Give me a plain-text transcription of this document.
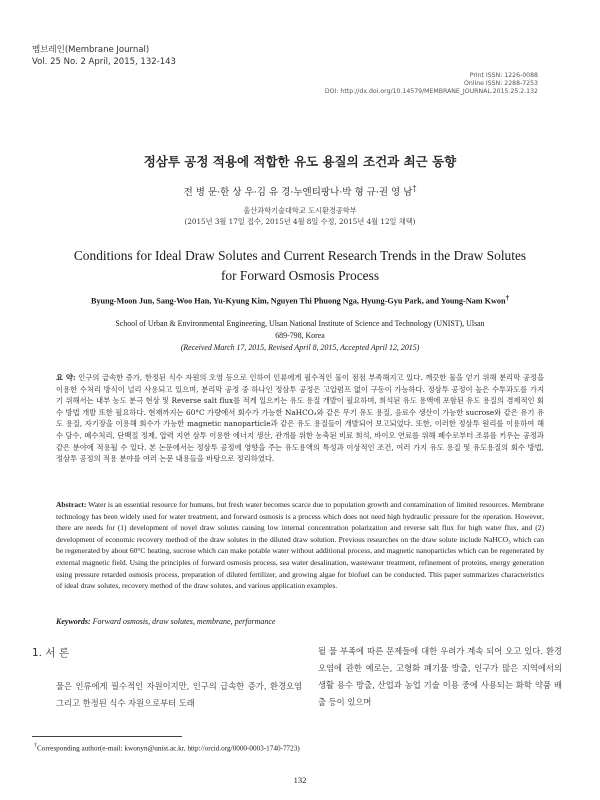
멤브레인(Membrane Journal)
Vol. 25 No. 2 April, 2015, 132-143
Print ISSN: 1226-0088
Online ISSN: 2288-7253
DOI: http://dx.doi.org/10.14579/MEMBRANE_JOURNAL.2015.25.2.132
정삼투 공정 적용에 적합한 유도 용질의 조건과 최근 동향
전 병 문·한 상 우·김 유 경·누엔티팡나·박 형 규·권 영 남†
울산과학기술대학교 도시환경공학부
(2015년 3월 17일 접수, 2015년 4월 8일 수정, 2015년 4월 12일 채택)
Conditions for Ideal Draw Solutes and Current Research Trends in the Draw Solutes
for Forward Osmosis Process
Byung-Moon Jun, Sang-Woo Han, Yu-Kyung Kim, Nguyen Thi Phuong Nga, Hyung-Gyu Park, and Young-Nam Kwon†
School of Urban & Environmental Engineering, Ulsan National Institute of Science and Technology (UNIST), Ulsan
689-798, Korea
(Received March 17, 2015, Revised April 8, 2015, Accepted April 12, 2015)
요 약: 인구의 급속한 증가, 한정된 식수 자원의 오염 등으로 인하여 인류에게 필수적인 물이 점점 부족해지고 있다. 깨끗한 물을 얻기 위해 분리막 공정을 이용한 수처리 방식이 널리 사용되고 있으며, 분리막 공정 중 하나인 정삼투 공정은 고압펌프 없이 구동이 가능하다. 정삼투 공정이 높은 수투과도를 가지기 위해서는 내부 농도 분극 현상 및 Reverse salt flux를 적게 일으키는 유도 용질 개발이 필요하며, 희석된 유도 용액에 포함된 유도 용질의 경제적인 회수 방법 개발 또한 필요하다. 현재까지는 60°C 가량에서 회수가 가능한 NaHCO₃와 같은 무기 유도 용질, 음료수 생산이 가능한 sucrose와 같은 유기 유도 용질, 자기장을 이용해 회수가 가능한 magnetic nanoparticle과 같은 유도 용질들이 개발되어 보고되었다. 또한, 이러한 정삼투 원리를 이용하여 해수 담수, 폐수처리, 단백질 정제, 압력 지연 삼투 이용한 에너지 생산, 관개를 위한 농축된 비료 희석, 바이오 연료를 위해 폐수로부터 조류를 키우는 공정과 같은 분야에 적용될 수 있다. 본 논문에서는 정삼투 공정에 영향을 주는 유도용액의 특성과 이상적인 조건, 여러 가지 유도 용질 및 유도용질의 회수 방법, 정삼투 공정의 적용 분야를 여러 논문 내용들을 바탕으로 정리하였다.
Abstract: Water is an essential resource for humans, but fresh water becomes scarce due to population growth and contamination of limited resources. Membrane technology has been widely used for water treatment, and forward osmosis is a process which does not need high hydraulic pressure for the operation. However, there are needs for (1) development of novel draw solutes causing low internal concentration polarization and reverse salt flux for high water flux, and (2) development of economic recovery method of the draw solutes in the diluted draw solution. Previous researches on the draw solute include NaHCO₃ which can be regenerated by about 60°C heating, sucrose which can make potable water without additional process, and magnetic nanoparticles which can be regenerated by external magnetic field. Using the principles of forward osmosis process, sea water desalination, wastewater treatment, refinement of proteins, energy generation using pressure retarded osmosis process, preparation of diluted fertilizer, and growing algae for biofuel can be conducted. This paper summarizes characteristics of ideal draw solutes, recovery method of the draw solutes, and various application examples.
Keywords: Forward osmosis, draw solutes, membrane, performance
1. 서 론
물은 인류에게 필수적인 자원이지만, 인구의 급속한 증가, 환경오염 그리고 한정된 식수 자원으로부터 도래
될 물 부족에 따른 문제들에 대한 우려가 계속 되어 오고 있다. 환경오염에 관한 예로는, 고형화 폐기물 방출, 인구가 많은 지역에서의 생활 용수 방출, 산업과 농업 기술 이용 중에 사용되는 화학 약품 배출 등이 있으며
†Corresponding author(e-mail: kwonyn@unist.ac.kr, http://orcid.org/0000-0003-1740-7723)
132
